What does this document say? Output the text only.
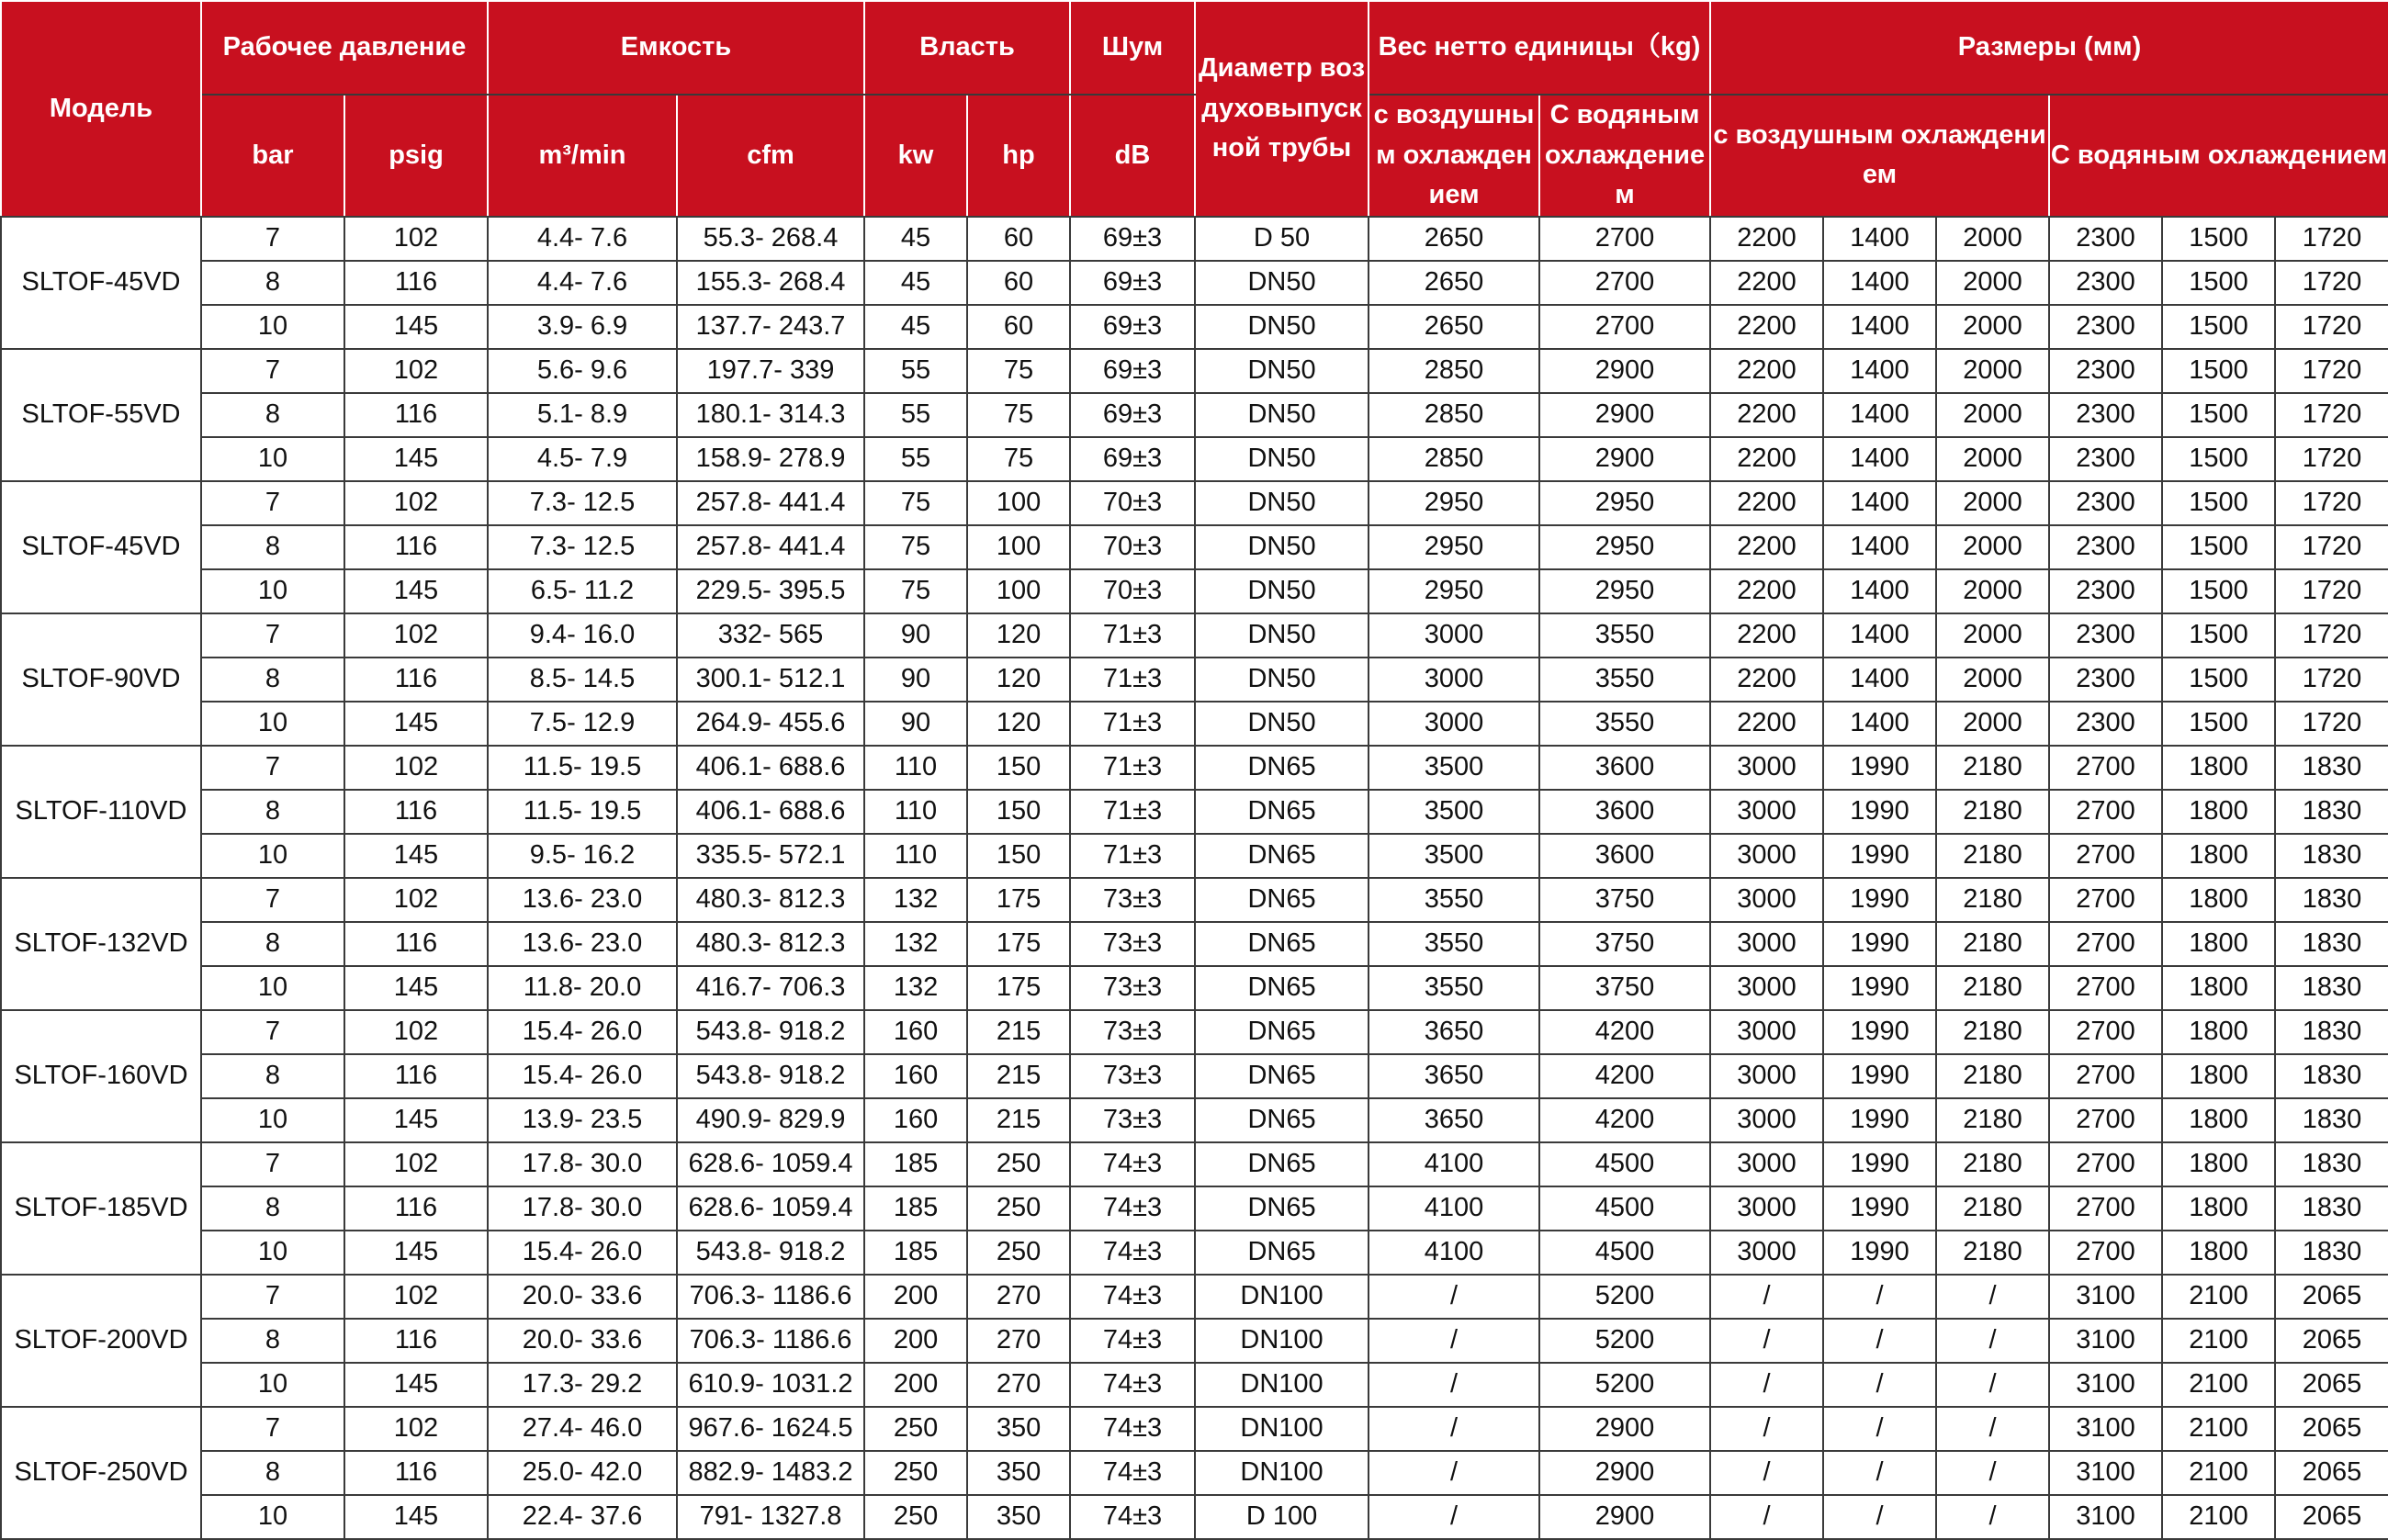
Модель	Рабочее давление		Емкость		Власть		Шум	Диаметр воздуховыпускной трубы	Вес нетто единицы（kg)		Размеры (мм)					
	bar	psig	m³/min	cfm	kw	hp	dB		с воздушным охлаждением	С водяным охлаждением	с воздушным охлаждением			С водяным охлаждением		
SLTOF-45VD	7	102	4.4- 7.6	55.3- 268.4	45	60	69±3	D 50	2650	2700	2200	1400	2000	2300	1500	1720
	8	116	4.4- 7.6	155.3- 268.4	45	60	69±3	DN50	2650	2700	2200	1400	2000	2300	1500	1720
	10	145	3.9- 6.9	137.7- 243.7	45	60	69±3	DN50	2650	2700	2200	1400	2000	2300	1500	1720
SLTOF-55VD	7	102	5.6- 9.6	197.7- 339	55	75	69±3	DN50	2850	2900	2200	1400	2000	2300	1500	1720
	8	116	5.1- 8.9	180.1- 314.3	55	75	69±3	DN50	2850	2900	2200	1400	2000	2300	1500	1720
	10	145	4.5- 7.9	158.9- 278.9	55	75	69±3	DN50	2850	2900	2200	1400	2000	2300	1500	1720
SLTOF-45VD	7	102	7.3- 12.5	257.8- 441.4	75	100	70±3	DN50	2950	2950	2200	1400	2000	2300	1500	1720
	8	116	7.3- 12.5	257.8- 441.4	75	100	70±3	DN50	2950	2950	2200	1400	2000	2300	1500	1720
	10	145	6.5- 11.2	229.5- 395.5	75	100	70±3	DN50	2950	2950	2200	1400	2000	2300	1500	1720
SLTOF-90VD	7	102	9.4- 16.0	332- 565	90	120	71±3	DN50	3000	3550	2200	1400	2000	2300	1500	1720
	8	116	8.5- 14.5	300.1- 512.1	90	120	71±3	DN50	3000	3550	2200	1400	2000	2300	1500	1720
	10	145	7.5- 12.9	264.9- 455.6	90	120	71±3	DN50	3000	3550	2200	1400	2000	2300	1500	1720
SLTOF-110VD	7	102	11.5- 19.5	406.1- 688.6	110	150	71±3	DN65	3500	3600	3000	1990	2180	2700	1800	1830
	8	116	11.5- 19.5	406.1- 688.6	110	150	71±3	DN65	3500	3600	3000	1990	2180	2700	1800	1830
	10	145	9.5- 16.2	335.5- 572.1	110	150	71±3	DN65	3500	3600	3000	1990	2180	2700	1800	1830
SLTOF-132VD	7	102	13.6- 23.0	480.3- 812.3	132	175	73±3	DN65	3550	3750	3000	1990	2180	2700	1800	1830
	8	116	13.6- 23.0	480.3- 812.3	132	175	73±3	DN65	3550	3750	3000	1990	2180	2700	1800	1830
	10	145	11.8- 20.0	416.7- 706.3	132	175	73±3	DN65	3550	3750	3000	1990	2180	2700	1800	1830
SLTOF-160VD	7	102	15.4- 26.0	543.8- 918.2	160	215	73±3	DN65	3650	4200	3000	1990	2180	2700	1800	1830
	8	116	15.4- 26.0	543.8- 918.2	160	215	73±3	DN65	3650	4200	3000	1990	2180	2700	1800	1830
	10	145	13.9- 23.5	490.9- 829.9	160	215	73±3	DN65	3650	4200	3000	1990	2180	2700	1800	1830
SLTOF-185VD	7	102	17.8- 30.0	628.6- 1059.4	185	250	74±3	DN65	4100	4500	3000	1990	2180	2700	1800	1830
	8	116	17.8- 30.0	628.6- 1059.4	185	250	74±3	DN65	4100	4500	3000	1990	2180	2700	1800	1830
	10	145	15.4- 26.0	543.8- 918.2	185	250	74±3	DN65	4100	4500	3000	1990	2180	2700	1800	1830
SLTOF-200VD	7	102	20.0- 33.6	706.3- 1186.6	200	270	74±3	DN100	/	5200	/	/	/	3100	2100	2065
	8	116	20.0- 33.6	706.3- 1186.6	200	270	74±3	DN100	/	5200	/	/	/	3100	2100	2065
	10	145	17.3- 29.2	610.9- 1031.2	200	270	74±3	DN100	/	5200	/	/	/	3100	2100	2065
SLTOF-250VD	7	102	27.4- 46.0	967.6- 1624.5	250	350	74±3	DN100	/	2900	/	/	/	3100	2100	2065
	8	116	25.0- 42.0	882.9- 1483.2	250	350	74±3	DN100	/	2900	/	/	/	3100	2100	2065
	10	145	22.4- 37.6	791- 1327.8	250	350	74±3	D 100	/	2900	/	/	/	3100	2100	2065
